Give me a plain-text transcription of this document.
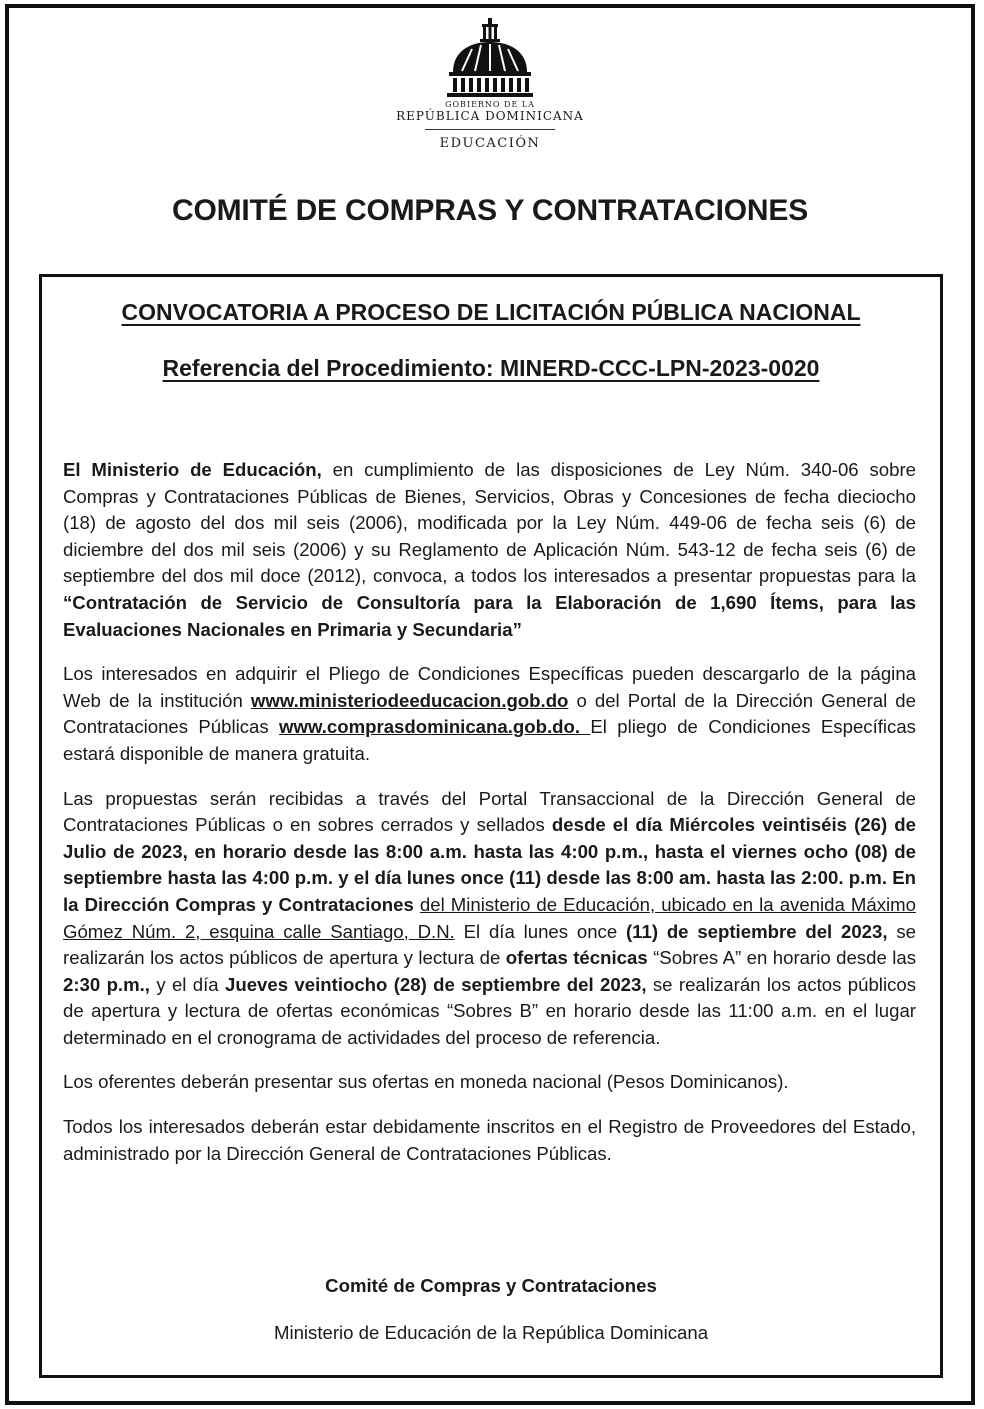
GOBIERNO DE LA
REPÚBLICA DOMINICANA
EDUCACIÓN
COMITÉ DE COMPRAS Y CONTRATACIONES
CONVOCATORIA A PROCESO DE LICITACIÓN PÚBLICA NACIONAL
Referencia del Procedimiento: MINERD-CCC-LPN-2023-0020

El Ministerio de Educación, en cumplimiento de las disposiciones de Ley Núm. 340-06 sobre Compras y Contrataciones Públicas de Bienes, Servicios, Obras y Concesiones de fecha dieciocho (18) de agosto del dos mil seis (2006), modificada por la Ley Núm. 449-06 de fecha seis (6) de diciembre del dos mil seis (2006) y su Reglamento de Aplicación Núm. 543-12 de fecha seis (6) de septiembre del dos mil doce (2012), convoca, a todos los interesados a presentar propuestas para la “Contratación de Servicio de Consultoría para la Elaboración de 1,690 Ítems, para las Evaluaciones Nacionales en Primaria y Secundaria”

Los interesados en adquirir el Pliego de Condiciones Específicas pueden descargarlo de la página Web de la institución www.ministeriodeeducacion.gob.do o del Portal de la Dirección General de Contrataciones Públicas www.comprasdominicana.gob.do. El pliego de Condiciones Específicas estará disponible de manera gratuita.

Las propuestas serán recibidas a través del Portal Transaccional de la Dirección General de Contrataciones Públicas o en sobres cerrados y sellados desde el día Miércoles veintiséis (26) de Julio de 2023, en horario desde las 8:00 a.m. hasta las 4:00 p.m., hasta el viernes ocho (08) de septiembre hasta las 4:00 p.m. y el día lunes once (11) desde las 8:00 am. hasta las 2:00. p.m. En la Dirección Compras y Contrataciones del Ministerio de Educación, ubicado en la avenida Máximo Gómez Núm. 2, esquina calle Santiago, D.N. El día lunes once (11) de septiembre del 2023, se realizarán los actos públicos de apertura y lectura de ofertas técnicas “Sobres A” en horario desde las 2:30 p.m., y el día Jueves veintiocho (28) de septiembre del 2023, se realizarán los actos públicos de apertura y lectura de ofertas económicas “Sobres B” en horario desde las 11:00 a.m. en el lugar determinado en el cronograma de actividades del proceso de referencia.

Los oferentes deberán presentar sus ofertas en moneda nacional (Pesos Dominicanos).

Todos los interesados deberán estar debidamente inscritos en el Registro de Proveedores del Estado, administrado por la Dirección General de Contrataciones Públicas.

Comité de Compras y Contrataciones
Ministerio de Educación de la República Dominicana
